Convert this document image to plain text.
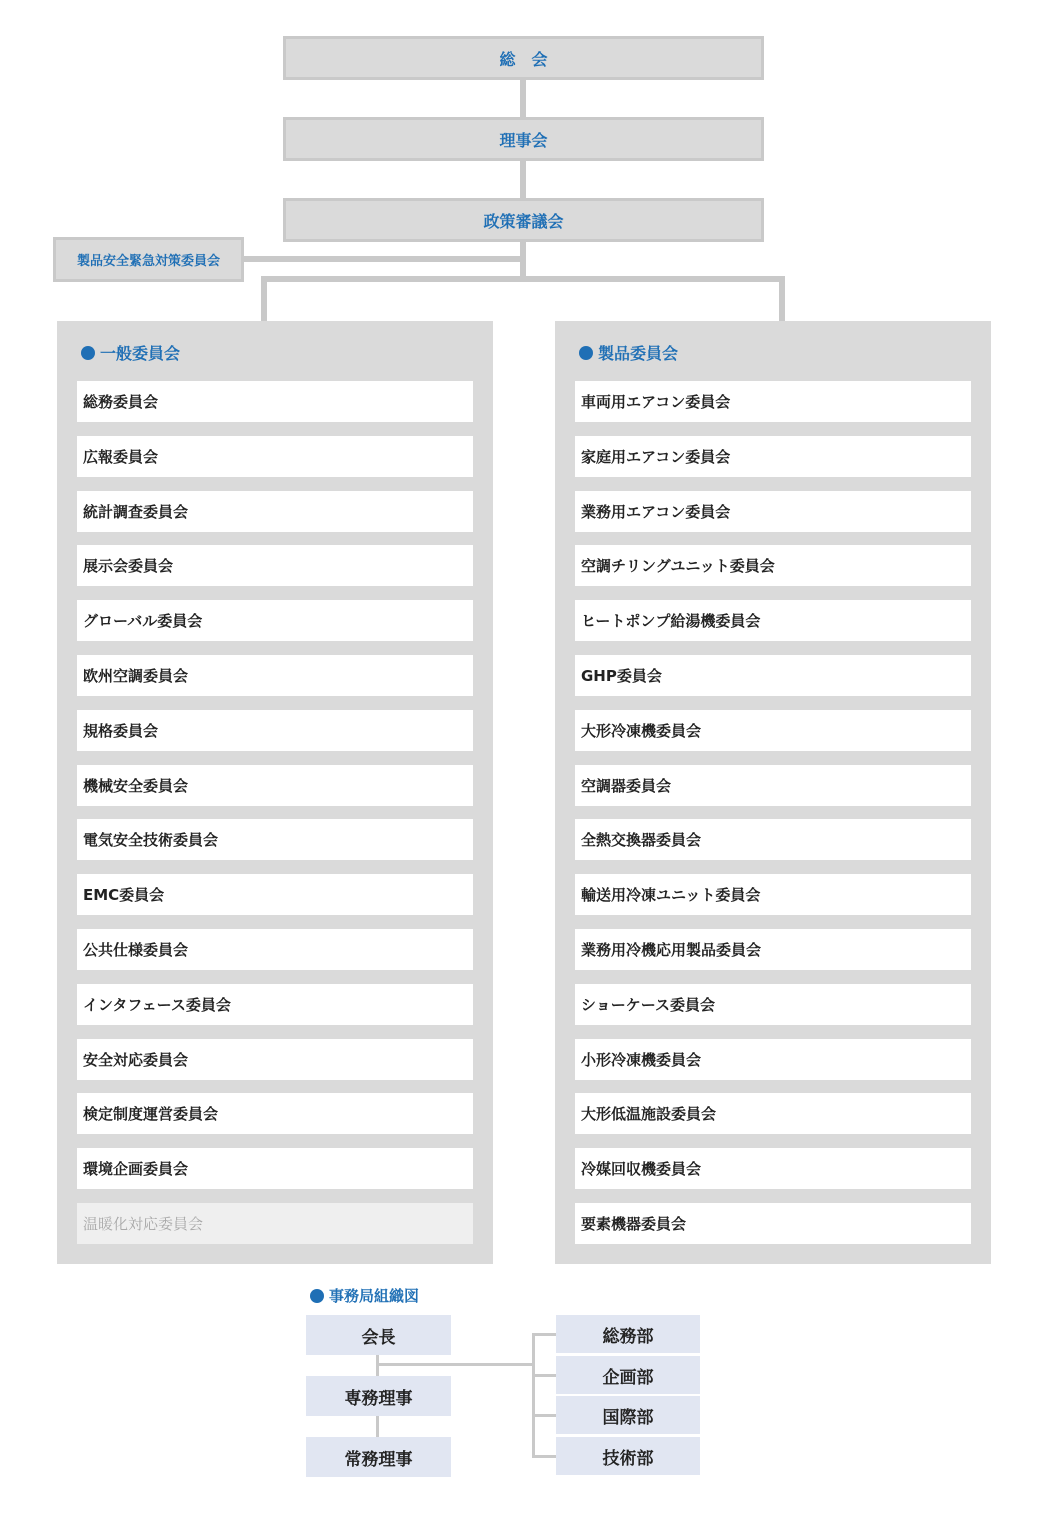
総　会
理事会
政策審議会
製品安全緊急対策委員会
一般委員会
総務委員会
広報委員会
統計調査委員会
展示会委員会
グローバル委員会
欧州空調委員会
規格委員会
機械安全委員会
電気安全技術委員会
EMC委員会
公共仕様委員会
インタフェース委員会
安全対応委員会
検定制度運営委員会
環境企画委員会
温暖化対応委員会
製品委員会
車両用エアコン委員会
家庭用エアコン委員会
業務用エアコン委員会
空調チリングユニット委員会
ヒートポンプ給湯機委員会
GHP委員会
大形冷凍機委員会
空調器委員会
全熱交換器委員会
輸送用冷凍ユニット委員会
業務用冷機応用製品委員会
ショーケース委員会
小形冷凍機委員会
大形低温施設委員会
冷媒回収機委員会
要素機器委員会
事務局組織図
会長
専務理事
常務理事
総務部
企画部
国際部
技術部
